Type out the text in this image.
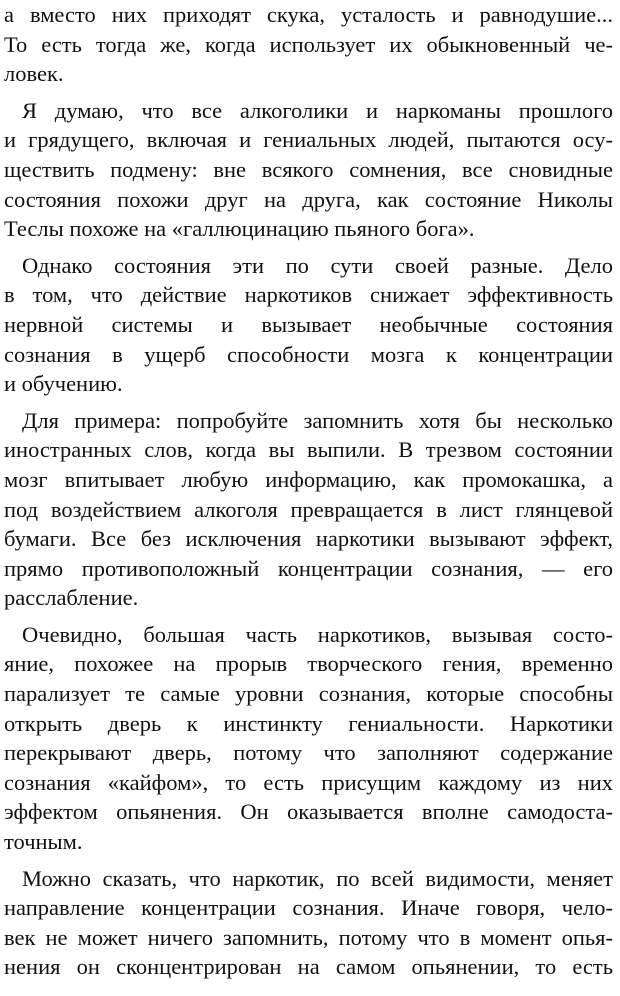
а вместо них приходят скука, усталость и равнодушие...
То есть тогда же, когда использует их обыкновенный че-
ловек.
Я думаю, что все алкоголики и наркоманы прошлого
и грядущего, включая и гениальных людей, пытаются осу-
ществить подмену: вне всякого сомнения, все сновидные
состояния похожи друг на друга, как состояние Николы
Теслы похоже на «галлюцинацию пьяного бога».
Однако состояния эти по сути своей разные. Дело
в том, что действие наркотиков снижает эффективность
нервной системы и вызывает необычные состояния
сознания в ущерб способности мозга к концентрации
и обучению.
Для примера: попробуйте запомнить хотя бы несколько
иностранных слов, когда вы выпили. В трезвом состоянии
мозг впитывает любую информацию, как промокашка, а
под воздействием алкоголя превращается в лист глянцевой
бумаги. Все без исключения наркотики вызывают эффект,
прямо противоположный концентрации сознания, — его
расслабление.
Очевидно, большая часть наркотиков, вызывая состо-
яние, похожее на прорыв творческого гения, временно
парализует те самые уровни сознания, которые способны
открыть дверь к инстинкту гениальности. Наркотики
перекрывают дверь, потому что заполняют содержание
сознания «кайфом», то есть присущим каждому из них
эффектом опьянения. Он оказывается вполне самодоста-
точным.
Можно сказать, что наркотик, по всей видимости, меняет
направление концентрации сознания. Иначе говоря, чело-
век не может ничего запомнить, потому что в момент опья-
нения он сконцентрирован на самом опьянении, то есть
